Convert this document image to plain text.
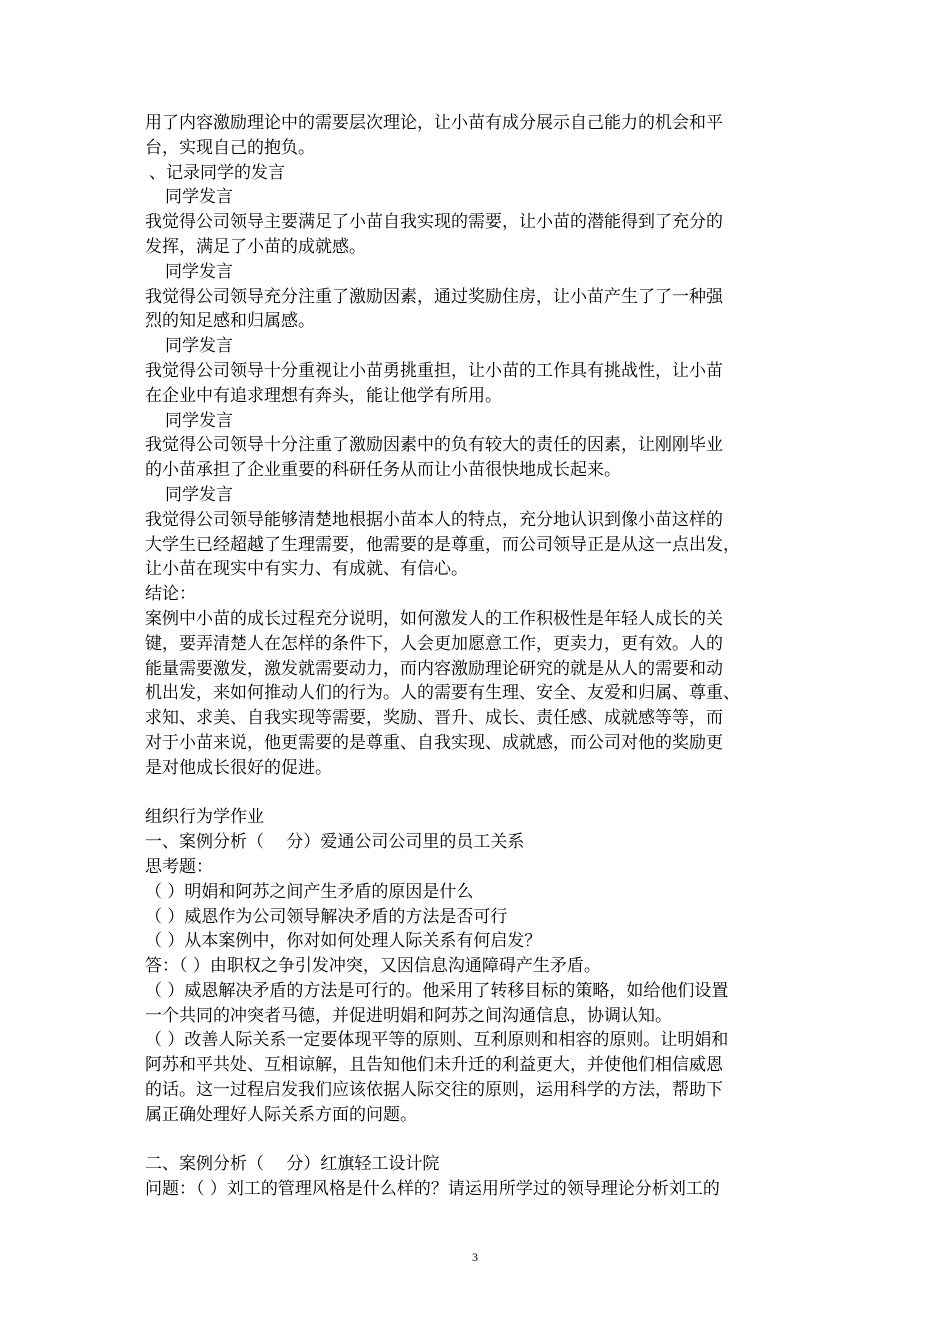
用了内容激励理论中的需要层次理论，让小苗有成分展示自己能力的机会和平
台，实现自己的抱负。
、记录同学的发言
同学发言
我觉得公司领导主要满足了小苗自我实现的需要，让小苗的潜能得到了充分的
发挥，满足了小苗的成就感。
同学发言
我觉得公司领导充分注重了激励因素，通过奖励住房，让小苗产生了了一种强
烈的知足感和归属感。
同学发言
我觉得公司领导十分重视让小苗勇挑重担，让小苗的工作具有挑战性，让小苗
在企业中有追求理想有奔头，能让他学有所用。
同学发言
我觉得公司领导十分注重了激励因素中的负有较大的责任的因素，让刚刚毕业
的小苗承担了企业重要的科研任务从而让小苗很快地成长起来。
同学发言
我觉得公司领导能够清楚地根据小苗本人的特点，充分地认识到像小苗这样的
大学生已经超越了生理需要，他需要的是尊重，而公司领导正是从这一点出发，
让小苗在现实中有实力、有成就、有信心。
结论：
案例中小苗的成长过程充分说明，如何激发人的工作积极性是年轻人成长的关
键，要弄清楚人在怎样的条件下，人会更加愿意工作，更卖力，更有效。人的
能量需要激发，激发就需要动力，而内容激励理论研究的就是从人的需要和动
机出发，来如何推动人们的行为。人的需要有生理、安全、友爱和归属、尊重、
求知、求美、自我实现等需要，奖励、晋升、成长、责任感、成就感等等，而
对于小苗来说，他更需要的是尊重、自我实现、成就感，而公司对他的奖励更
是对他成长很好的促进。
组织行为学作业
一、案例分析（　 分）爱通公司公司里的员工关系
思考题：
（ ）明娟和阿苏之间产生矛盾的原因是什么
（ ）威恩作为公司领导解决矛盾的方法是否可行
（ ）从本案例中，你对如何处理人际关系有何启发？
答：（ ）由职权之争引发冲突，又因信息沟通障碍产生矛盾。
（ ）威恩解决矛盾的方法是可行的。他采用了转移目标的策略，如给他们设置
一个共同的冲突者马德，并促进明娟和阿苏之间沟通信息，协调认知。
（ ）改善人际关系一定要体现平等的原则、互利原则和相容的原则。让明娟和
阿苏和平共处、互相谅解，且告知他们未升迁的利益更大，并使他们相信威恩
的话。这一过程启发我们应该依据人际交往的原则，运用科学的方法，帮助下
属正确处理好人际关系方面的问题。
二、案例分析（　 分）红旗轻工设计院
问题：（ ）刘工的管理风格是什么样的？请运用所学过的领导理论分析刘工的
3
